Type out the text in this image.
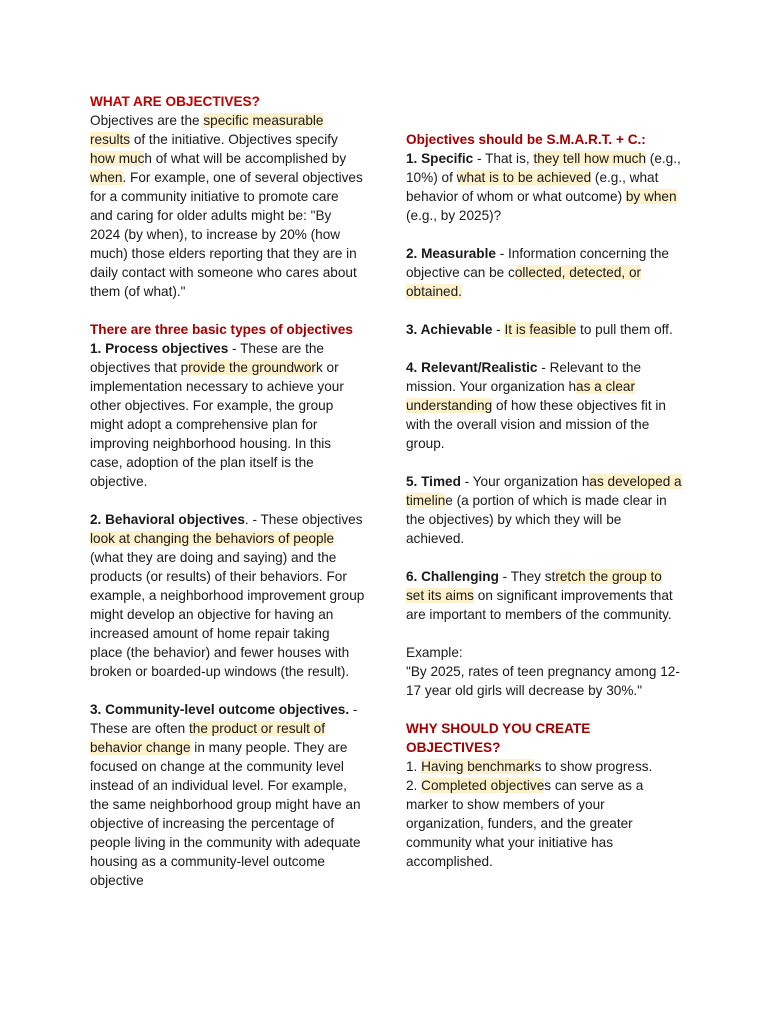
WHAT ARE OBJECTIVES?

Objectives are the specific measurable results of the initiative. Objectives specify how much of what will be accomplished by when. For example, one of several objectives for a community initiative to promote care and caring for older adults might be: "By 2024 (by when), to increase by 20% (how much) those elders reporting that they are in daily contact with someone who cares about them (of what)."

There are three basic types of objectives

1. Process objectives - These are the objectives that provide the groundwork or implementation necessary to achieve your other objectives. For example, the group might adopt a comprehensive plan for improving neighborhood housing. In this case, adoption of the plan itself is the objective.

2. Behavioral objectives. - These objectives look at changing the behaviors of people (what they are doing and saying) and the products (or results) of their behaviors. For example, a neighborhood improvement group might develop an objective for having an increased amount of home repair taking place (the behavior) and fewer houses with broken or boarded-up windows (the result).

3. Community-level outcome objectives. - These are often the product or result of behavior change in many people. They are focused on change at the community level instead of an individual level. For example, the same neighborhood group might have an objective of increasing the percentage of people living in the community with adequate housing as a community-level outcome objective

Objectives should be S.M.A.R.T. + C.:

1. Specific - That is, they tell how much (e.g., 10%) of what is to be achieved (e.g., what behavior of whom or what outcome) by when (e.g., by 2025)?

2. Measurable - Information concerning the objective can be collected, detected, or obtained.

3. Achievable - It is feasible to pull them off.

4. Relevant/Realistic - Relevant to the mission. Your organization has a clear understanding of how these objectives fit in with the overall vision and mission of the group.

5. Timed - Your organization has developed a timeline (a portion of which is made clear in the objectives) by which they will be achieved.

6. Challenging - They stretch the group to set its aims on significant improvements that are important to members of the community.

Example:

"By 2025, rates of teen pregnancy among 12-17 year old girls will decrease by 30%."

WHY SHOULD YOU CREATE OBJECTIVES?

1. Having benchmarks to show progress.

2. Completed objectives can serve as a marker to show members of your organization, funders, and the greater community what your initiative has accomplished.
